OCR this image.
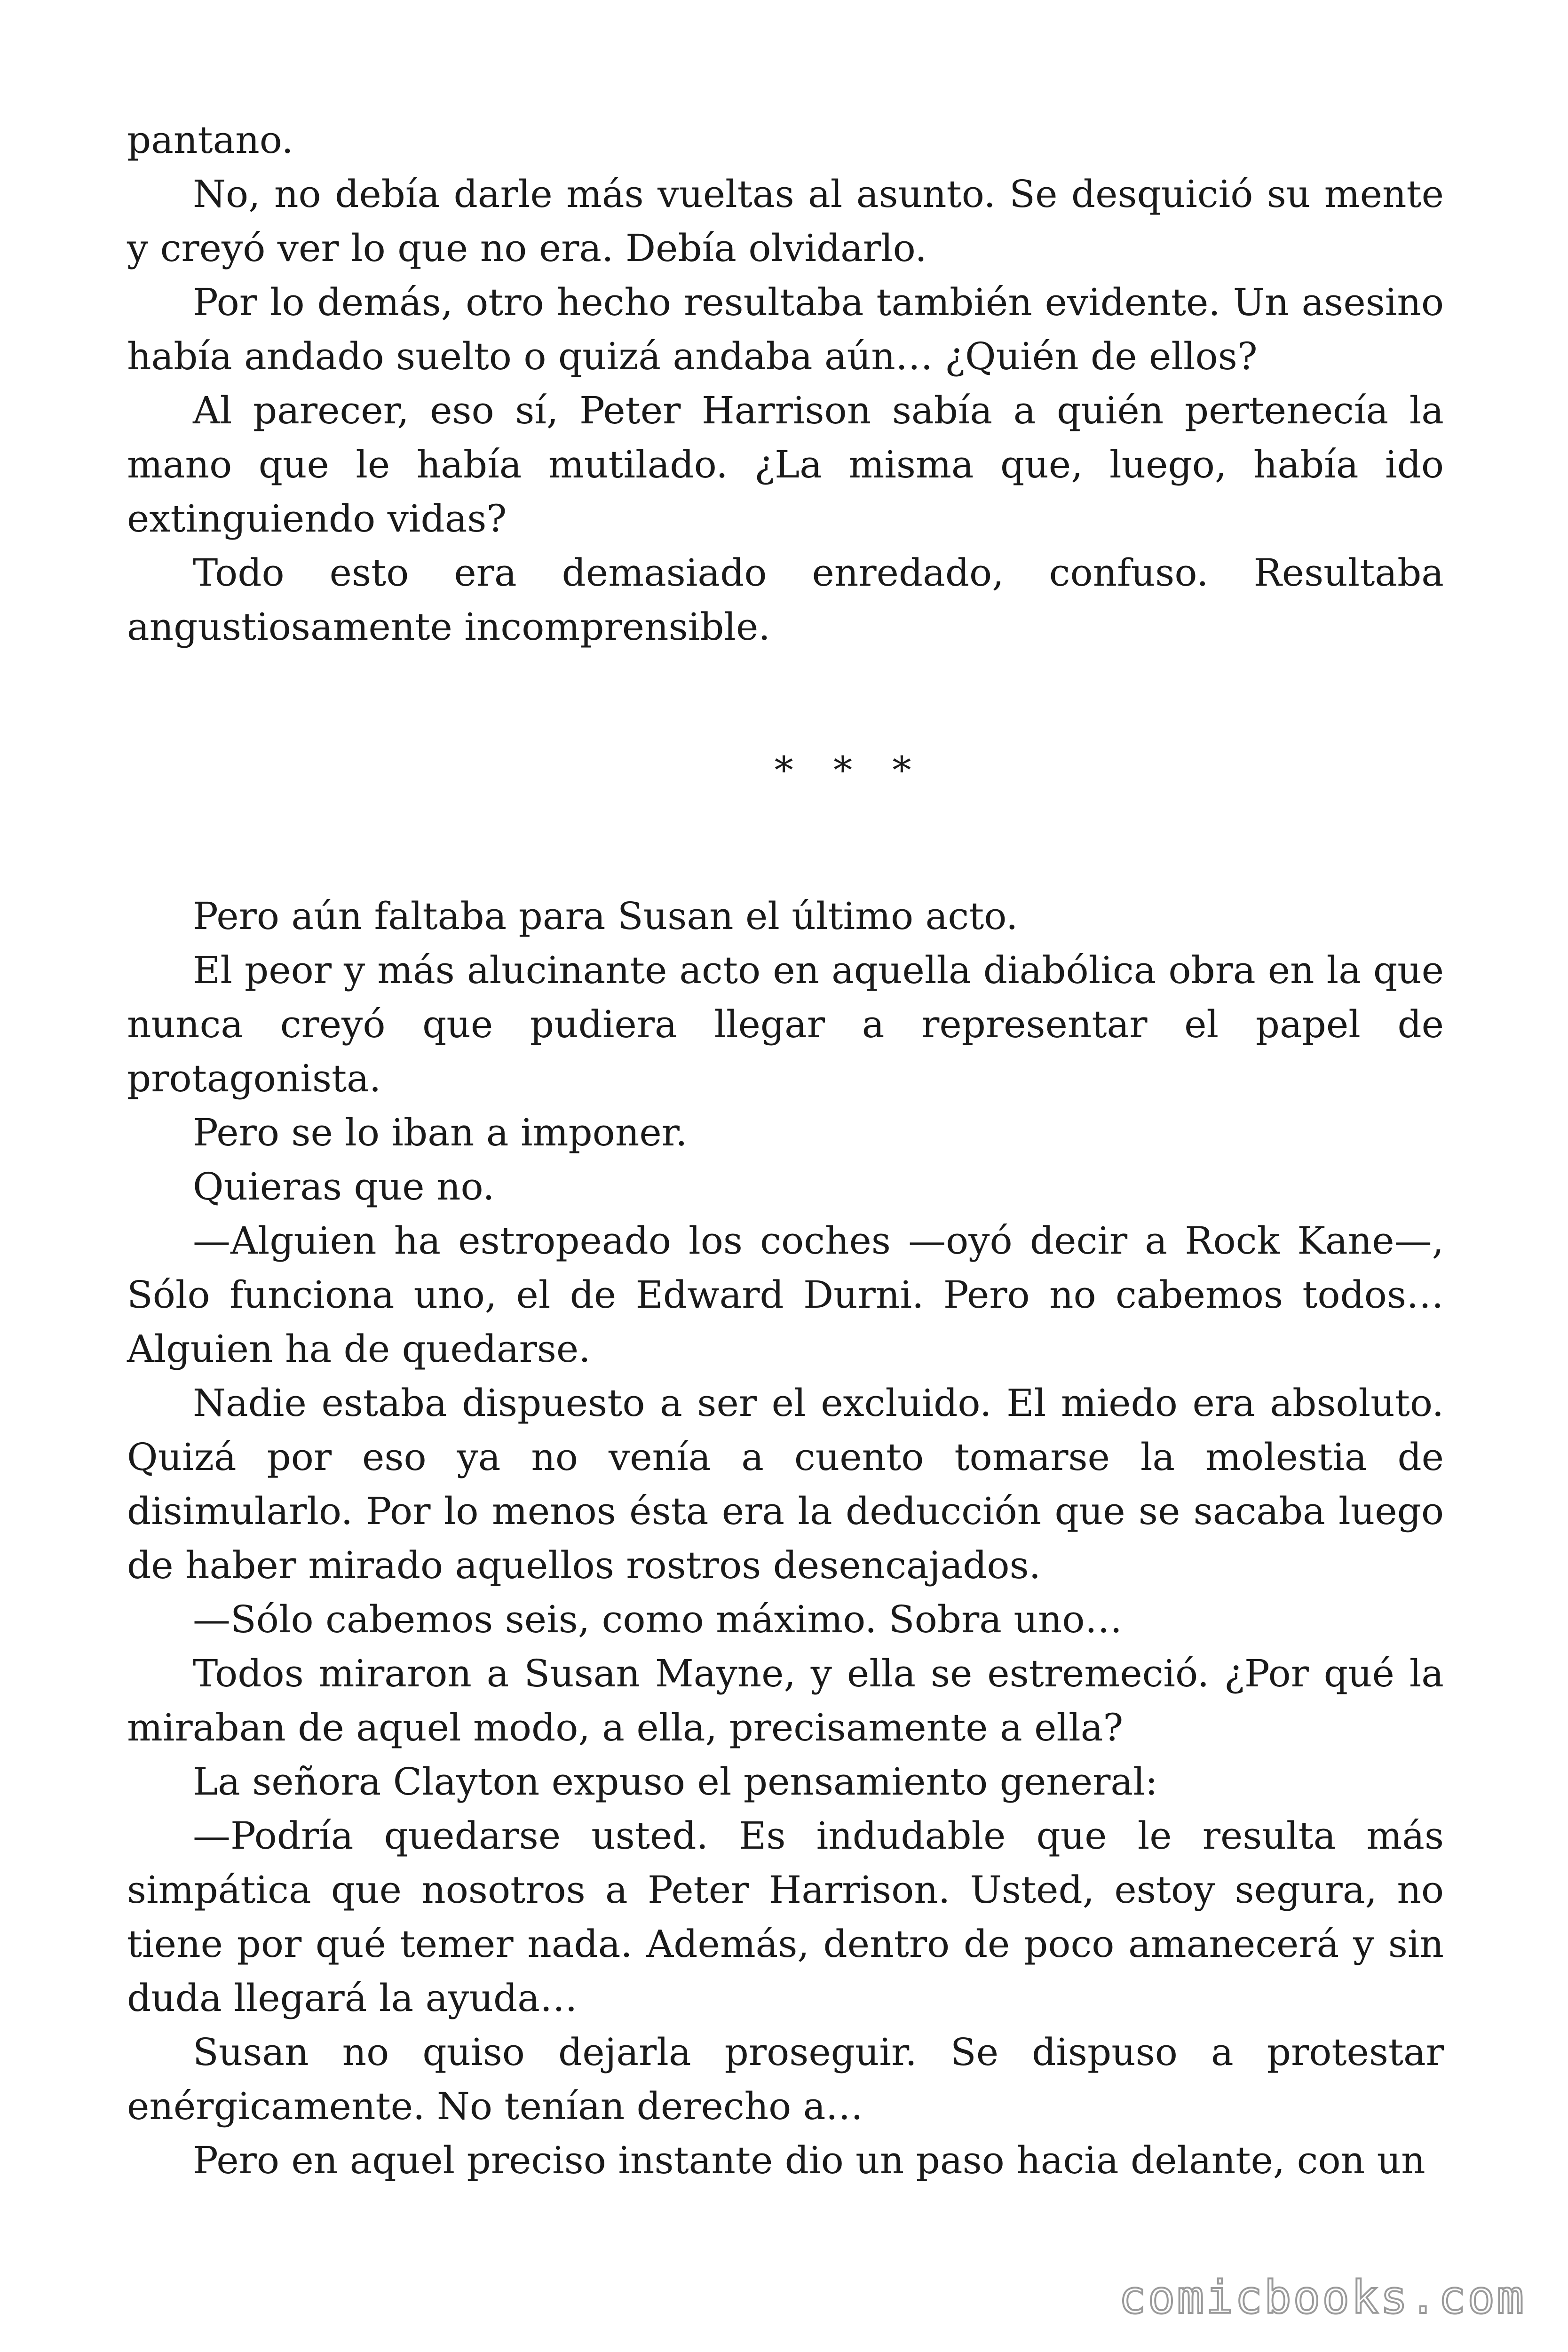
pantano.

No, no debía darle más vueltas al asunto. Se desquició su mente y creyó ver lo que no era. Debía olvidarlo.

Por lo demás, otro hecho resultaba también evidente. Un asesino había andado suelto o quizá andaba aún… ¿Quién de ellos?

Al parecer, eso sí, Peter Harrison sabía a quién pertenecía la mano que le había mutilado. ¿La misma que, luego, había ido extinguiendo vidas?

Todo esto era demasiado enredado, confuso. Resultaba angustiosamente incomprensible.

* * *

Pero aún faltaba para Susan el último acto.

El peor y más alucinante acto en aquella diabólica obra en la que nunca creyó que pudiera llegar a representar el papel de protagonista.

Pero se lo iban a imponer.

Quieras que no.

—Alguien ha estropeado los coches —oyó decir a Rock Kane—, Sólo funciona uno, el de Edward Durni. Pero no cabemos todos… Alguien ha de quedarse.

Nadie estaba dispuesto a ser el excluido. El miedo era absoluto. Quizá por eso ya no venía a cuento tomarse la molestia de disimularlo. Por lo menos ésta era la deducción que se sacaba luego de haber mirado aquellos rostros desencajados.

—Sólo cabemos seis, como máximo. Sobra uno…

Todos miraron a Susan Mayne, y ella se estremeció. ¿Por qué la miraban de aquel modo, a ella, precisamente a ella?

La señora Clayton expuso el pensamiento general:

—Podría quedarse usted. Es indudable que le resulta más simpática que nosotros a Peter Harrison. Usted, estoy segura, no tiene por qué temer nada. Además, dentro de poco amanecerá y sin duda llegará la ayuda…

Susan no quiso dejarla proseguir. Se dispuso a protestar enérgicamente. No tenían derecho a…

Pero en aquel preciso instante dio un paso hacia delante, con un

comicbooks.com
